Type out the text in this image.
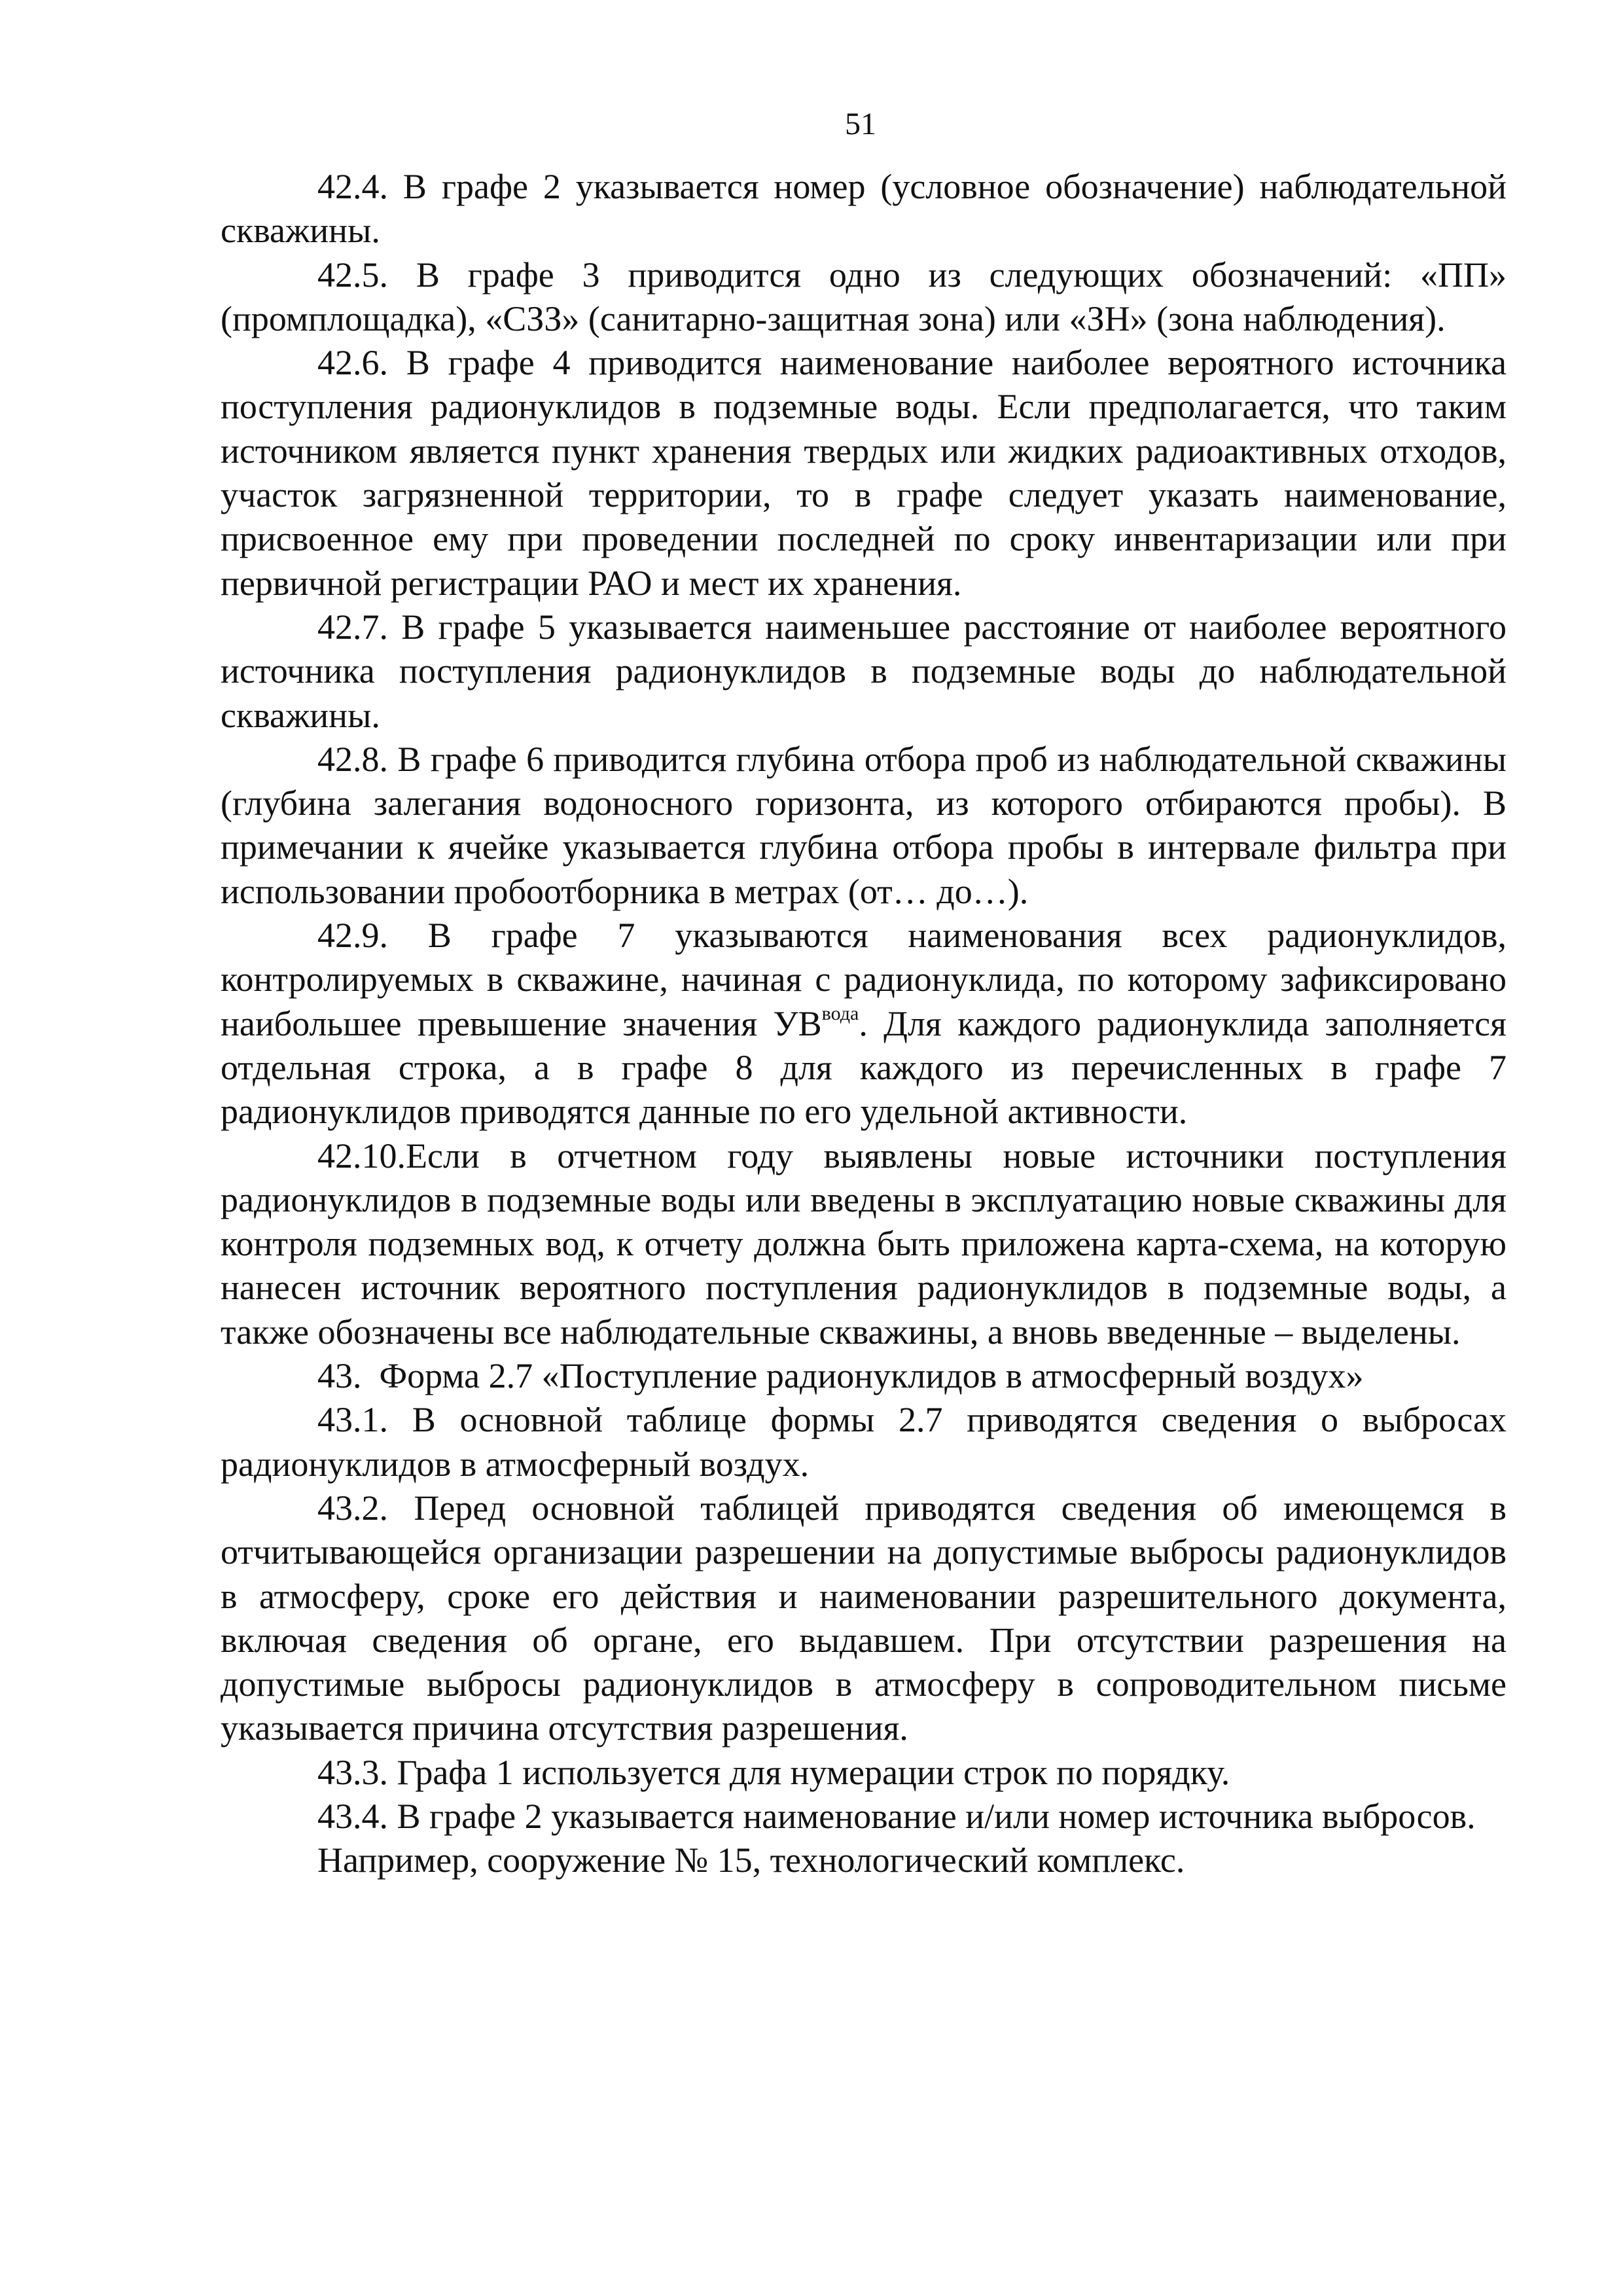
51

42.4. В графе 2 указывается номер (условное обозначение) наблюдательной скважины.

42.5. В графе 3 приводится одно из следующих обозначений: «ПП» (промплощадка), «СЗЗ» (санитарно-защитная зона) или «ЗН» (зона наблюдения).

42.6. В графе 4 приводится наименование наиболее вероятного источника поступления радионуклидов в подземные воды. Если предполагается, что таким источником является пункт хранения твердых или жидких радиоактивных отходов, участок загрязненной территории, то в графе следует указать наименование, присвоенное ему при проведении последней по сроку инвентаризации или при первичной регистрации РАО и мест их хранения.

42.7. В графе 5 указывается наименьшее расстояние от наиболее вероятного источника поступления радионуклидов в подземные воды до наблюдательной скважины.

42.8. В графе 6 приводится глубина отбора проб из наблюдательной скважины (глубина залегания водоносного горизонта, из которого отбираются пробы). В примечании к ячейке указывается глубина отбора пробы в интервале фильтра при использовании пробоотборника в метрах (от… до…).

42.9. В графе 7 указываются наименования всех радионуклидов, контролируемых в скважине, начиная с радионуклида, по которому зафиксировано наибольшее превышение значения $УВ^{вода}$. Для каждого радионуклида заполняется отдельная строка, а в графе 8 для каждого из перечисленных в графе 7 радионуклидов приводятся данные по его удельной активности.

42.10.Если в отчетном году выявлены новые источники поступления радионуклидов в подземные воды или введены в эксплуатацию новые скважины для контроля подземных вод, к отчету должна быть приложена карта-схема, на которую нанесен источник вероятного поступления радионуклидов в подземные воды, а также обозначены все наблюдательные скважины, а вновь введенные – выделены.

43. Форма 2.7 «Поступление радионуклидов в атмосферный воздух»

43.1. В основной таблице формы 2.7 приводятся сведения о выбросах радионуклидов в атмосферный воздух.

43.2. Перед основной таблицей приводятся сведения об имеющемся в отчитывающейся организации разрешении на допустимые выбросы радионуклидов в атмосферу, сроке его действия и наименовании разрешительного документа, включая сведения об органе, его выдавшем. При отсутствии разрешения на допустимые выбросы радионуклидов в атмосферу в сопроводительном письме указывается причина отсутствия разрешения.

43.3. Графа 1 используется для нумерации строк по порядку.

43.4. В графе 2 указывается наименование и/или номер источника выбросов.

Например, сооружение № 15, технологический комплекс.
